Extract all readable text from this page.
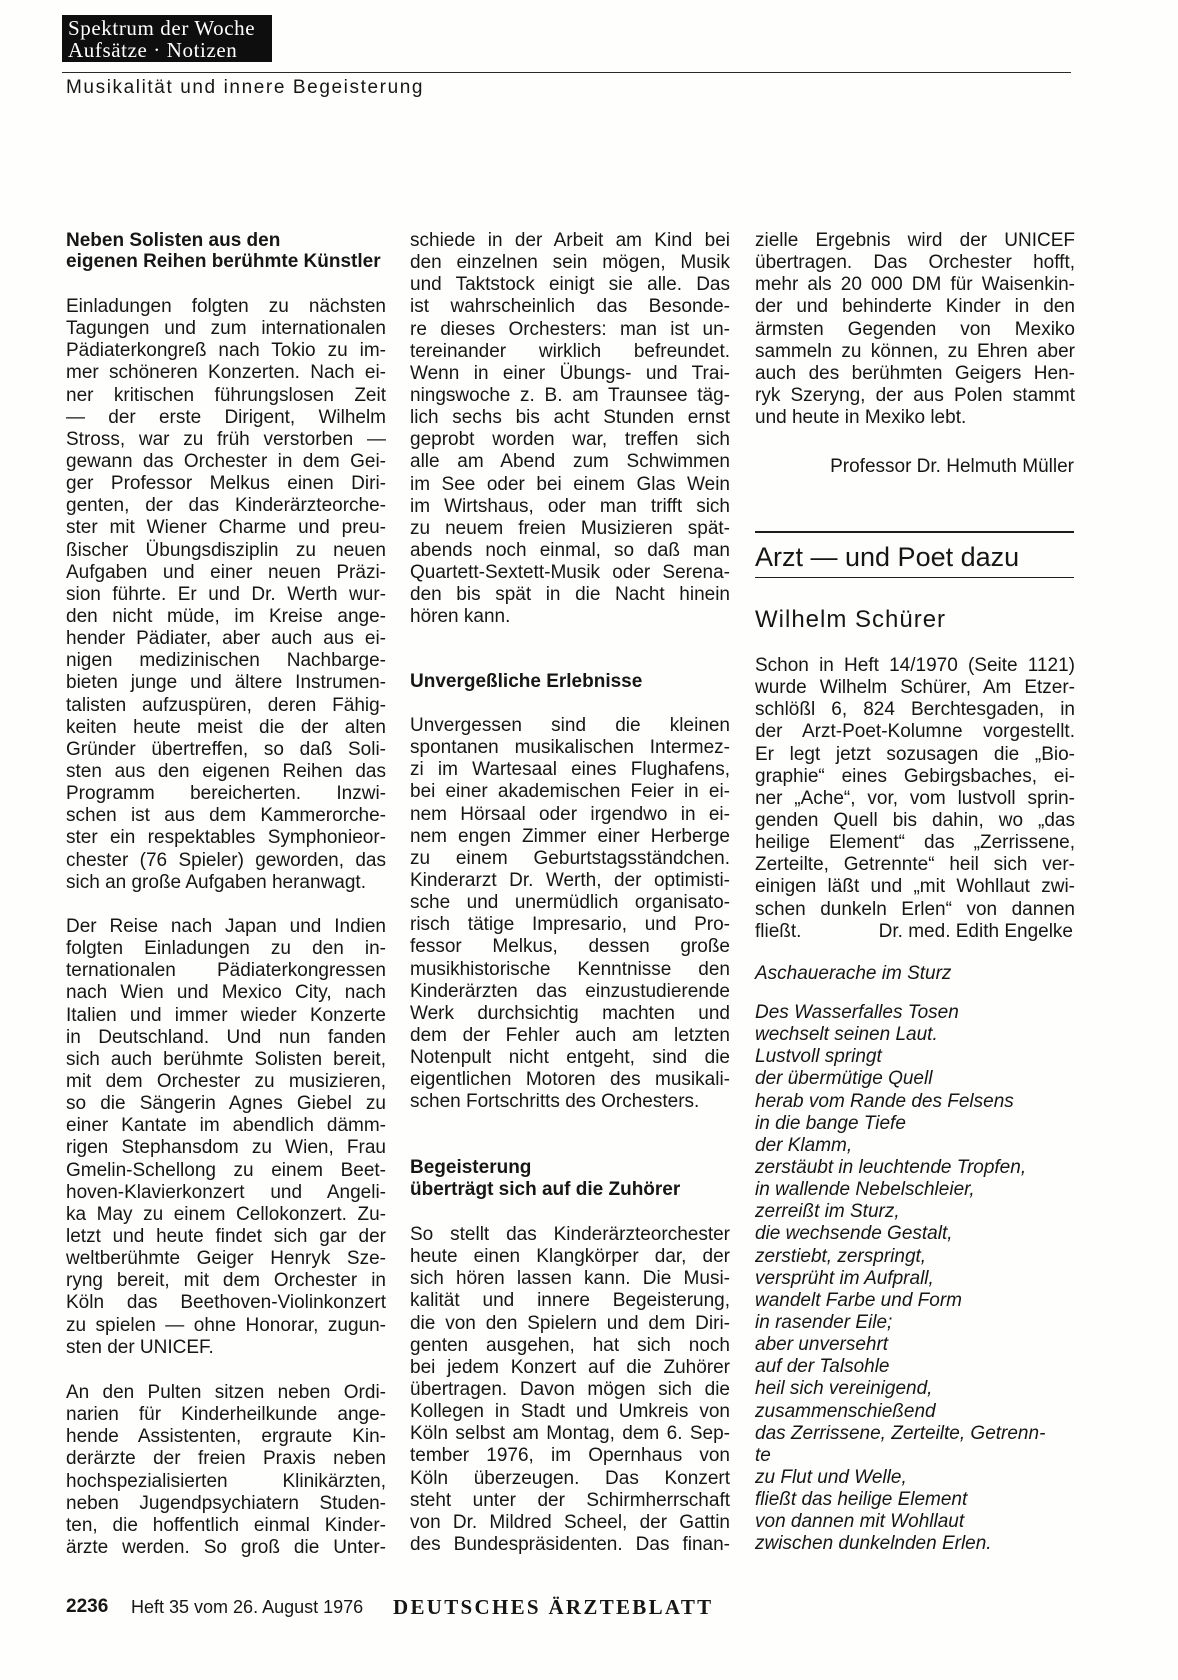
Spektrum der Woche
Aufsätze · Notizen
Musikalität und innere Begeisterung
Neben Solisten aus den
eigenen Reihen berühmte Künstler
Einladungen folgten zu nächsten
Tagungen und zum internationalen
Pädiaterkongreß nach Tokio zu im-
mer schöneren Konzerten. Nach ei-
ner kritischen führungslosen Zeit
— der erste Dirigent, Wilhelm
Stross, war zu früh verstorben —
gewann das Orchester in dem Gei-
ger Professor Melkus einen Diri-
genten, der das Kinderärzteorche-
ster mit Wiener Charme und preu-
ßischer Übungsdisziplin zu neuen
Aufgaben und einer neuen Präzi-
sion führte. Er und Dr. Werth wur-
den nicht müde, im Kreise ange-
hender Pädiater, aber auch aus ei-
nigen medizinischen Nachbarge-
bieten junge und ältere Instrumen-
talisten aufzuspüren, deren Fähig-
keiten heute meist die der alten
Gründer übertreffen, so daß Soli-
sten aus den eigenen Reihen das
Programm bereicherten. Inzwi-
schen ist aus dem Kammerorche-
ster ein respektables Symphonieor-
chester (76 Spieler) geworden, das
sich an große Aufgaben heranwagt.
Der Reise nach Japan und Indien
folgten Einladungen zu den in-
ternationalen Pädiaterkongressen
nach Wien und Mexico City, nach
Italien und immer wieder Konzerte
in Deutschland. Und nun fanden
sich auch berühmte Solisten bereit,
mit dem Orchester zu musizieren,
so die Sängerin Agnes Giebel zu
einer Kantate im abendlich dämm-
rigen Stephansdom zu Wien, Frau
Gmelin-Schellong zu einem Beet-
hoven-Klavierkonzert und Angeli-
ka May zu einem Cellokonzert. Zu-
letzt und heute findet sich gar der
weltberühmte Geiger Henryk Sze-
ryng bereit, mit dem Orchester in
Köln das Beethoven-Violinkonzert
zu spielen — ohne Honorar, zugun-
sten der UNICEF.
An den Pulten sitzen neben Ordi-
narien für Kinderheilkunde ange-
hende Assistenten, ergraute Kin-
derärzte der freien Praxis neben
hochspezialisierten Klinikärzten,
neben Jugendpsychiatern Studen-
ten, die hoffentlich einmal Kinder-
ärzte werden. So groß die Unter-
schiede in der Arbeit am Kind bei
den einzelnen sein mögen, Musik
und Taktstock einigt sie alle. Das
ist wahrscheinlich das Besonde-
re dieses Orchesters: man ist un-
tereinander wirklich befreundet.
Wenn in einer Übungs- und Trai-
ningswoche z. B. am Traunsee täg-
lich sechs bis acht Stunden ernst
geprobt worden war, treffen sich
alle am Abend zum Schwimmen
im See oder bei einem Glas Wein
im Wirtshaus, oder man trifft sich
zu neuem freien Musizieren spät-
abends noch einmal, so daß man
Quartett-Sextett-Musik oder Serena-
den bis spät in die Nacht hinein
hören kann.
Unvergeßliche Erlebnisse
Unvergessen sind die kleinen
spontanen musikalischen Intermez-
zi im Wartesaal eines Flughafens,
bei einer akademischen Feier in ei-
nem Hörsaal oder irgendwo in ei-
nem engen Zimmer einer Herberge
zu einem Geburtstagsständchen.
Kinderarzt Dr. Werth, der optimisti-
sche und unermüdlich organisato-
risch tätige Impresario, und Pro-
fessor Melkus, dessen große
musikhistorische Kenntnisse den
Kinderärzten das einzustudierende
Werk durchsichtig machten und
dem der Fehler auch am letzten
Notenpult nicht entgeht, sind die
eigentlichen Motoren des musikali-
schen Fortschritts des Orchesters.
Begeisterung
überträgt sich auf die Zuhörer
So stellt das Kinderärzteorchester
heute einen Klangkörper dar, der
sich hören lassen kann. Die Musi-
kalität und innere Begeisterung,
die von den Spielern und dem Diri-
genten ausgehen, hat sich noch
bei jedem Konzert auf die Zuhörer
übertragen. Davon mögen sich die
Kollegen in Stadt und Umkreis von
Köln selbst am Montag, dem 6. Sep-
tember 1976, im Opernhaus von
Köln überzeugen. Das Konzert
steht unter der Schirmherrschaft
von Dr. Mildred Scheel, der Gattin
des Bundespräsidenten. Das finan-
zielle Ergebnis wird der UNICEF
übertragen. Das Orchester hofft,
mehr als 20 000 DM für Waisenkin-
der und behinderte Kinder in den
ärmsten Gegenden von Mexiko
sammeln zu können, zu Ehren aber
auch des berühmten Geigers Hen-
ryk Szeryng, der aus Polen stammt
und heute in Mexiko lebt.
Professor Dr. Helmuth Müller
Arzt — und Poet dazu
Wilhelm Schürer
Schon in Heft 14/1970 (Seite 1121)
wurde Wilhelm Schürer, Am Etzer-
schlößl 6, 824 Berchtesgaden, in
der Arzt-Poet-Kolumne vorgestellt.
Er legt jetzt sozusagen die „Bio-
graphie“ eines Gebirgsbaches, ei-
ner „Ache“, vor, vom lustvoll sprin-
genden Quell bis dahin, wo „das
heilige Element“ das „Zerrissene,
Zerteilte, Getrennte“ heil sich ver-
einigen läßt und „mit Wohllaut zwi-
schen dunkeln Erlen“ von dannen
fließt.	Dr. med. Edith Engelke
Aschauerache im Sturz
Des Wasserfalles Tosen
wechselt seinen Laut.
Lustvoll springt
der übermütige Quell
herab vom Rande des Felsens
in die bange Tiefe
der Klamm,
zerstäubt in leuchtende Tropfen,
in wallende Nebelschleier,
zerreißt im Sturz,
die wechsende Gestalt,
zerstiebt, zerspringt,
versprüht im Aufprall,
wandelt Farbe und Form
in rasender Eile;
aber unversehrt
auf der Talsohle
heil sich vereinigend,
zusammenschießend
das Zerrissene, Zerteilte, Getrenn-
te
zu Flut und Welle,
fließt das heilige Element
von dannen mit Wohllaut
zwischen dunkelnden Erlen.
2236 Heft 35 vom 26. August 1976 DEUTSCHES ÄRZTEBLATT
